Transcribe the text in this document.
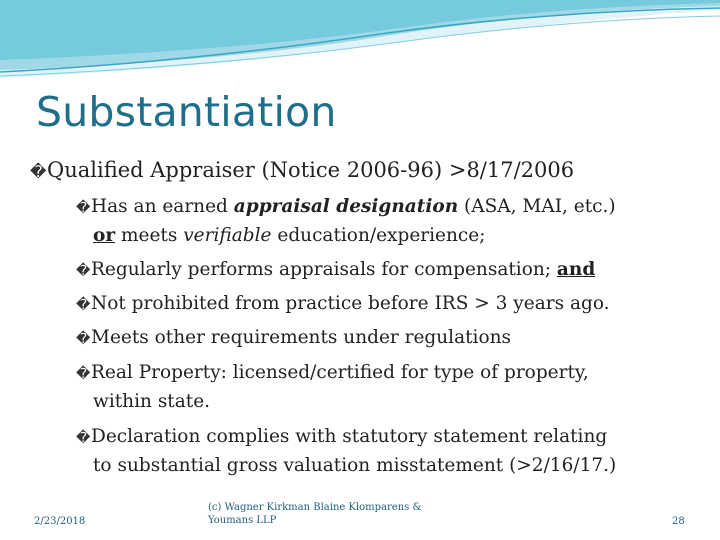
Substantiation
�Qualified Appraiser (Notice 2006-96) >8/17/2006
�Has an earned appraisal designation (ASA, MAI, etc.)
or meets verifiable education/experience;
�Regularly performs appraisals for compensation; and
�Not prohibited from practice before IRS > 3 years ago.
�Meets other requirements under regulations
�Real Property: licensed/certified for type of property,
within state.
�Declaration complies with statutory statement relating
to substantial gross valuation misstatement (>2/16/17.)
2/23/2018
(c) Wagner Kirkman Blaine Klomparens &
Youmans LLP	28
